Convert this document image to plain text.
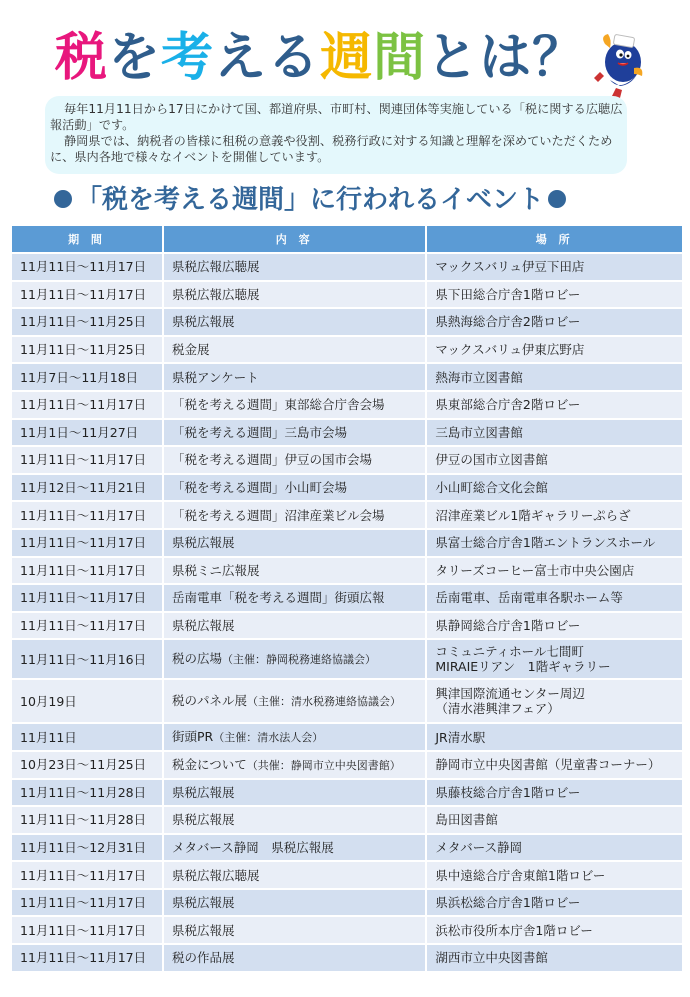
税を考える週間とは？

毎年11月11日から17日にかけて国、都道府県、市町村、関連団体等実施している「税に関する広聴広報活動」です。

静岡県では、納税者の皆様に租税の意義や役割、税務行政に対する知識と理解を深めていただくために、県内各地で様々なイベントを開催しています。

「税を考える週間」に行われるイベント
期 間	内 容	場 所
11月11日～11月17日	県税広報広聴展	マックスバリュ伊豆下田店
11月11日～11月17日	県税広報広聴展	県下田総合庁舎1階ロビー
11月11日～11月25日	県税広報展	県熱海総合庁舎2階ロビー
11月11日～11月25日	税金展	マックスバリュ伊東広野店
11月7日～11月18日	県税アンケート	熱海市立図書館
11月11日～11月17日	「税を考える週間」東部総合庁舎会場	県東部総合庁舎2階ロビー
11月1日～11月27日	「税を考える週間」三島市会場	三島市立図書館
11月11日～11月17日	「税を考える週間」伊豆の国市会場	伊豆の国市立図書館
11月12日～11月21日	「税を考える週間」小山町会場	小山町総合文化会館
11月11日～11月17日	「税を考える週間」沼津産業ビル会場	沼津産業ビル1階ギャラリーぷらざ
11月11日～11月17日	県税広報展	県富士総合庁舎1階エントランスホール
11月11日～11月17日	県税ミニ広報展	タリーズコーヒー富士市中央公園店
11月11日～11月17日	岳南電車「税を考える週間」街頭広報	岳南電車、岳南電車各駅ホーム等
11月11日～11月17日	県税広報展	県静岡総合庁舎1階ロビー
11月11日～11月16日	税の広場（主催：静岡税務連絡協議会）	コミュニティホール七間町
MIRAIEリアン　1階ギャラリー

10月19日	税のパネル展（主催：清水税務連絡協議会）	興津国際流通センター周辺
（清水港興津フェア）

11月11日	街頭PR（主催：清水法人会）	JR清水駅
10月23日～11月25日	税金について（共催：静岡市立中央図書館）	静岡市立中央図書館（児童書コーナー）
11月11日～11月28日	県税広報展	県藤枝総合庁舎1階ロビー
11月11日～11月28日	県税広報展	島田図書館
11月11日～12月31日	メタバース静岡　県税広報展	メタバース静岡
11月11日～11月17日	県税広報広聴展	県中遠総合庁舎東館1階ロビー
11月11日～11月17日	県税広報展	県浜松総合庁舎1階ロビー
11月11日～11月17日	県税広報展	浜松市役所本庁舎1階ロビー
11月11日～11月17日	税の作品展	湖西市立中央図書館
